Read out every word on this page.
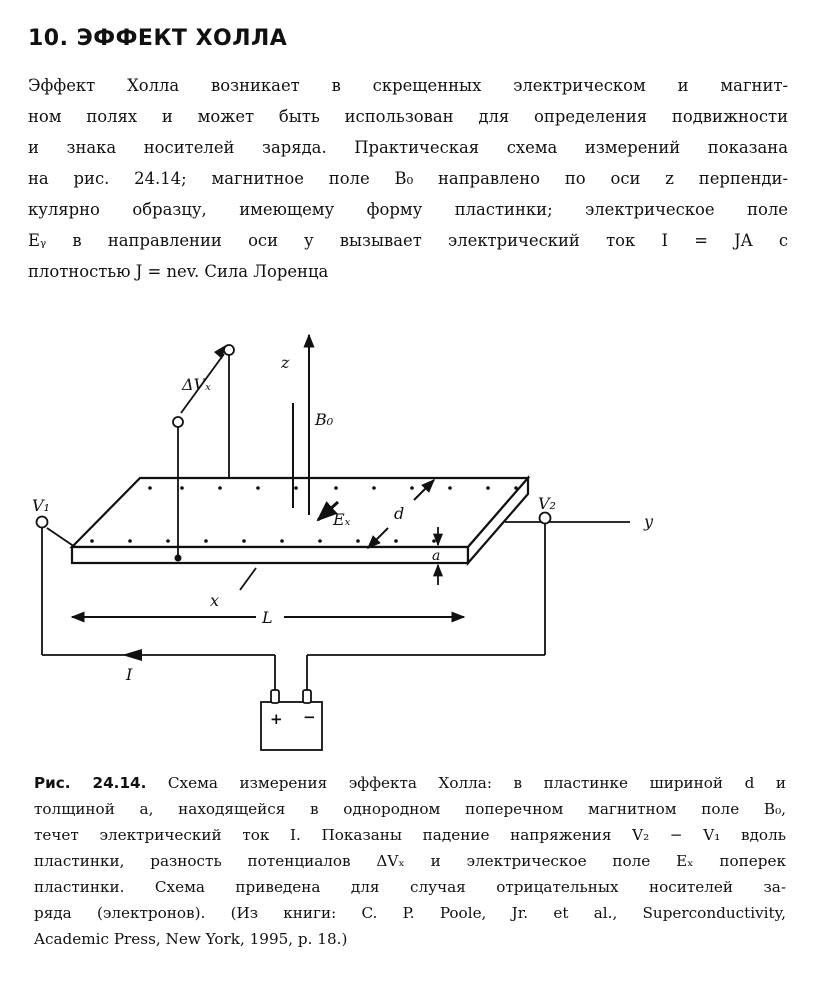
10. ЭФФЕКТ ХОЛЛА
Эффект Холла возникает в скрещенных электрическом и магнит-
ном полях и может быть использован для определения подвижности
и знака носителей заряда. Практическая схема измерений показана
на рис. 24.14; магнитное поле B₀ направлено по оси z перпенди-
кулярно образцу, имеющему форму пластинки; электрическое поле
Eᵧ в направлении оси y вызывает электрический ток I = JA с
плотностью J = nev. Сила Лоренца
z
B₀
ΔVₓ
Eₓ	d
a
x
y
L
V₁	V₂
I
+ −
Рис. 24.14. Схема измерения эффекта Холла: в пластинке шириной d и
толщиной a, находящейся в однородном поперечном магнитном поле B₀,
течет электрический ток I. Показаны падение напряжения V₂ − V₁ вдоль
пластинки, разность потенциалов ΔVₓ и электрическое поле Eₓ поперек
пластинки. Схема приведена для случая отрицательных носителей за-
ряда (электронов). (Из книги: C. P. Poole, Jr. et al., Superconductivity,
Academic Press, New York, 1995, p. 18.)
